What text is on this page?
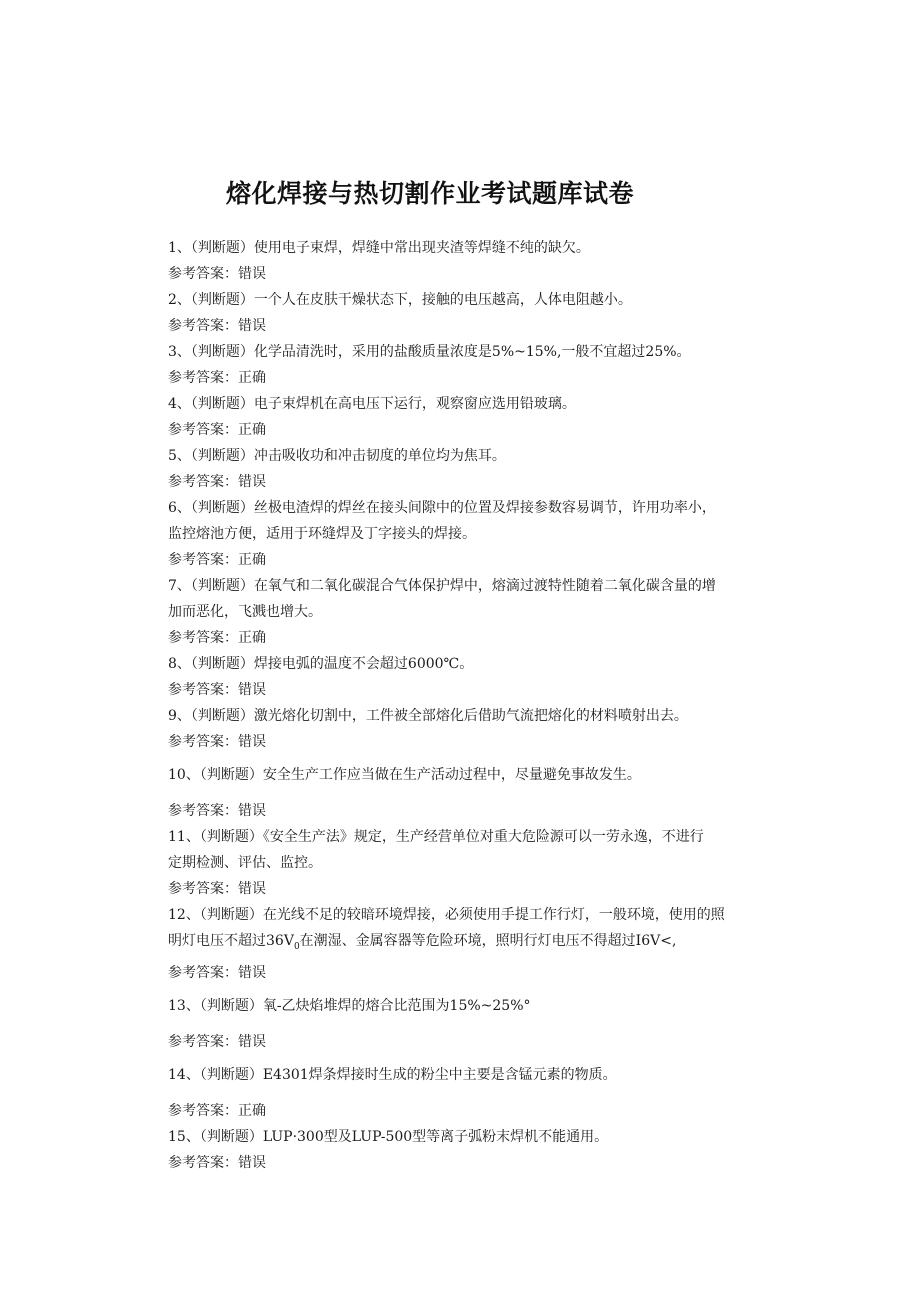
熔化焊接与热切割作业考试题库试卷

1、（判断题）使用电子束焊，焊缝中常出现夹渣等焊缝不纯的缺欠。

参考答案：错误

2、（判断题）一个人在皮肤干燥状态下，接触的电压越高，人体电阻越小。

参考答案：错误

3、（判断题）化学品清洗时，采用的盐酸质量浓度是5%~15%,一般不宜超过25%。

参考答案：正确

4、（判断题）电子束焊机在高电压下运行，观察窗应选用铅玻璃。

参考答案：正确

5、（判断题）冲击吸收功和冲击韧度的单位均为焦耳。

参考答案：错误

6、（判断题）丝极电渣焊的焊丝在接头间隙中的位置及焊接参数容易调节，许用功率小，

监控熔池方便，适用于环缝焊及丁字接头的焊接。

参考答案：正确

7、（判断题）在氧气和二氧化碳混合气体保护焊中，熔滴过渡特性随着二氧化碳含量的增

加而恶化，飞溅也增大。

参考答案：正确

8、（判断题）焊接电弧的温度不会超过6000℃。

参考答案：错误

9、（判断题）激光熔化切割中，工件被全部熔化后借助气流把熔化的材料喷射出去。

参考答案：错误

10、（判断题）安全生产工作应当做在生产活动过程中，尽量避免事故发生。

参考答案：错误

11、（判断题）《安全生产法》规定，生产经营单位对重大危险源可以一劳永逸，不进行

定期检测、评估、监控。

参考答案：错误

12、（判断题）在光线不足的较暗环境焊接，必须使用手提工作行灯，一般环境，使用的照

明灯电压不超过$36V_0$在潮湿、金属容器等危险环境，照明行灯电压不得超过I6V<,

参考答案：错误

13、（判断题）氧-乙炔焰堆焊的熔合比范围为15%~25%°

参考答案：错误

14、（判断题）E4301焊条焊接时生成的粉尘中主要是含锰元素的物质。

参考答案：正确

15、（判断题）LUP·300型及LUP-500型等离子弧粉末焊机不能通用。

参考答案：错误
